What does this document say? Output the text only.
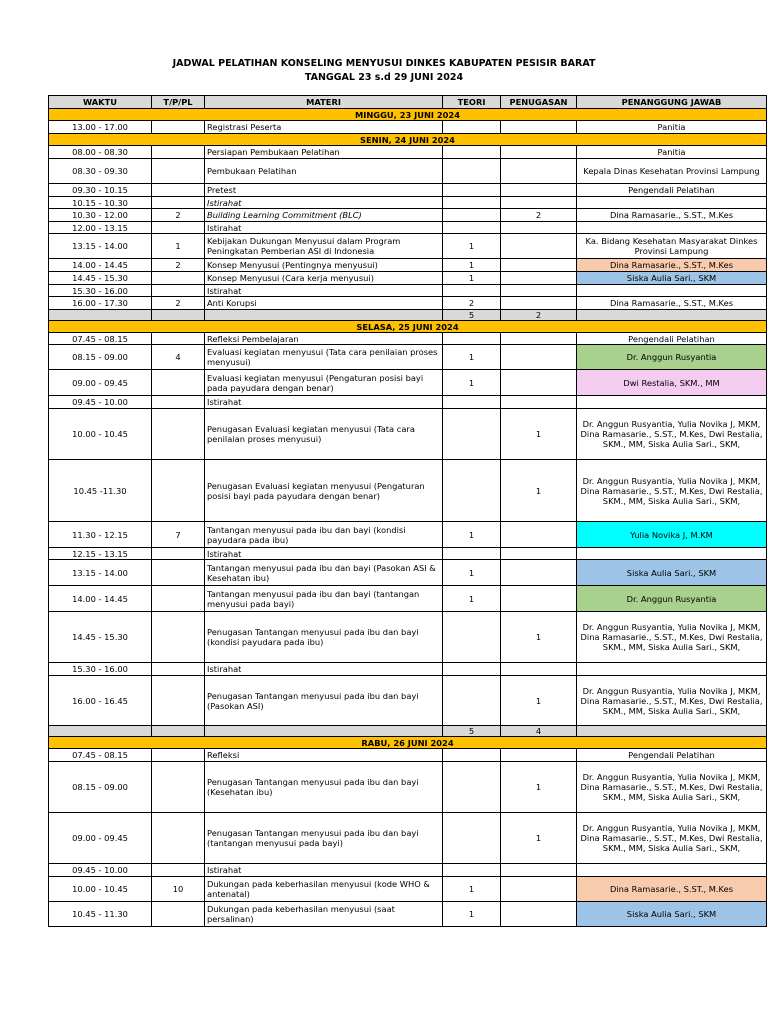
JADWAL PELATIHAN KONSELING MENYUSUI DINKES KABUPATEN PESISIR BARAT
TANGGAL 23 s.d 29 JUNI 2024
WAKTU	T/P/PL	MATERI	TEORI	PENUGASAN	PENANGGUNG JAWAB
MINGGU, 23 JUNI 2024					
13.00 - 17.00		Registrasi Peserta			Panitia
SENIN, 24 JUNI 2024					
08.00 - 08.30		Persiapan Pembukaan Pelatihan			Panitia
08.30 - 09.30		Pembukaan Pelatihan			Kepala Dinas Kesehatan Provinsi Lampung
09.30 - 10.15		Pretest			Pengendali Pelatihan
10.15 - 10.30		Istirahat			
10.30 - 12.00	2	Building Learning Commitment (BLC)		2	Dina Ramasarie., S.ST., M.Kes
12.00 - 13.15		Istirahat			
13.15 - 14.00	1	Kebijakan Dukungan Menyusui dalam Program Peningkatan Pemberian ASI di Indonesia	1		Ka. Bidang Kesehatan Masyarakat Dinkes Provinsi Lampung
14.00 - 14.45	2	Konsep Menyusui (Pentingnya menyusui)	1		Dina Ramasarie., S.ST., M.Kes
14.45 - 15.30		Konsep Menyusui (Cara kerja menyusui)	1		Siska Aulia Sari., SKM
15.30 - 16.00		Istirahat			
16.00 - 17.30	2	Anti Korupsi	2		Dina Ramasarie., S.ST., M.Kes
			5	2	
SELASA, 25 JUNI 2024					
07.45 - 08.15		Refleksi Pembelajaran			Pengendali Pelatihan
08.15 - 09.00	4	Evaluasi kegiatan menyusui (Tata cara penilaian proses menyusui)	1		Dr. Anggun Rusyantia
09.00 - 09.45		Evaluasi kegiatan menyusui (Pengaturan posisi bayi pada payudara dengan benar)	1		Dwi Restalia, SKM., MM
09.45 - 10.00		Istirahat			
10.00 - 10.45		Penugasan Evaluasi kegiatan menyusui (Tata cara penilaian proses menyusui)		1	Dr. Anggun Rusyantia, Yulia Novika J, MKM, Dina Ramasarie., S.ST., M.Kes, Dwi Restalia, SKM., MM, Siska Aulia Sari., SKM,
10.45 -11.30		Penugasan Evaluasi kegiatan menyusui (Pengaturan posisi bayi pada payudara dengan benar)		1	Dr. Anggun Rusyantia, Yulia Novika J, MKM, Dina Ramasarie., S.ST., M.Kes, Dwi Restalia, SKM., MM, Siska Aulia Sari., SKM,
11.30 - 12.15	7	Tantangan menyusui pada ibu dan bayi (kondisi payudara pada ibu)	1		Yulia Novika J, M.KM
12.15 - 13.15		Istirahat			
13.15 - 14.00		Tantangan menyusui pada ibu dan bayi (Pasokan ASI & Kesehatan ibu)	1		Siska Aulia Sari., SKM
14.00 - 14.45		Tantangan menyusui pada ibu dan bayi (tantangan menyusui pada bayi)	1		Dr. Anggun Rusyantia
14.45 - 15.30		Penugasan Tantangan menyusui pada ibu dan bayi (kondisi payudara pada ibu)		1	Dr. Anggun Rusyantia, Yulia Novika J, MKM, Dina Ramasarie., S.ST., M.Kes, Dwi Restalia, SKM., MM, Siska Aulia Sari., SKM,
15.30 - 16.00		Istirahat			
16.00 - 16.45		Penugasan Tantangan menyusui pada ibu dan bayi (Pasokan ASI)		1	Dr. Anggun Rusyantia, Yulia Novika J, MKM, Dina Ramasarie., S.ST., M.Kes, Dwi Restalia, SKM., MM, Siska Aulia Sari., SKM,
			5	4	
RABU, 26 JUNI 2024					
07.45 - 08.15		Refleksi			Pengendali Pelatihan
08.15 - 09.00		Penugasan Tantangan menyusui pada ibu dan bayi (Kesehatan ibu)		1	Dr. Anggun Rusyantia, Yulia Novika J, MKM, Dina Ramasarie., S.ST., M.Kes, Dwi Restalia, SKM., MM, Siska Aulia Sari., SKM,
09.00 - 09.45		Penugasan Tantangan menyusui pada ibu dan bayi (tantangan menyusui pada bayi)		1	Dr. Anggun Rusyantia, Yulia Novika J, MKM, Dina Ramasarie., S.ST., M.Kes, Dwi Restalia, SKM., MM, Siska Aulia Sari., SKM,
09.45 - 10.00		Istirahat			
10.00 - 10.45	10	Dukungan pada keberhasilan menyusui (kode WHO & antenatal)	1		Dina Ramasarie., S.ST., M.Kes
10.45 - 11.30		Dukungan pada keberhasilan menyusui (saat persalinan)	1		Siska Aulia Sari., SKM
